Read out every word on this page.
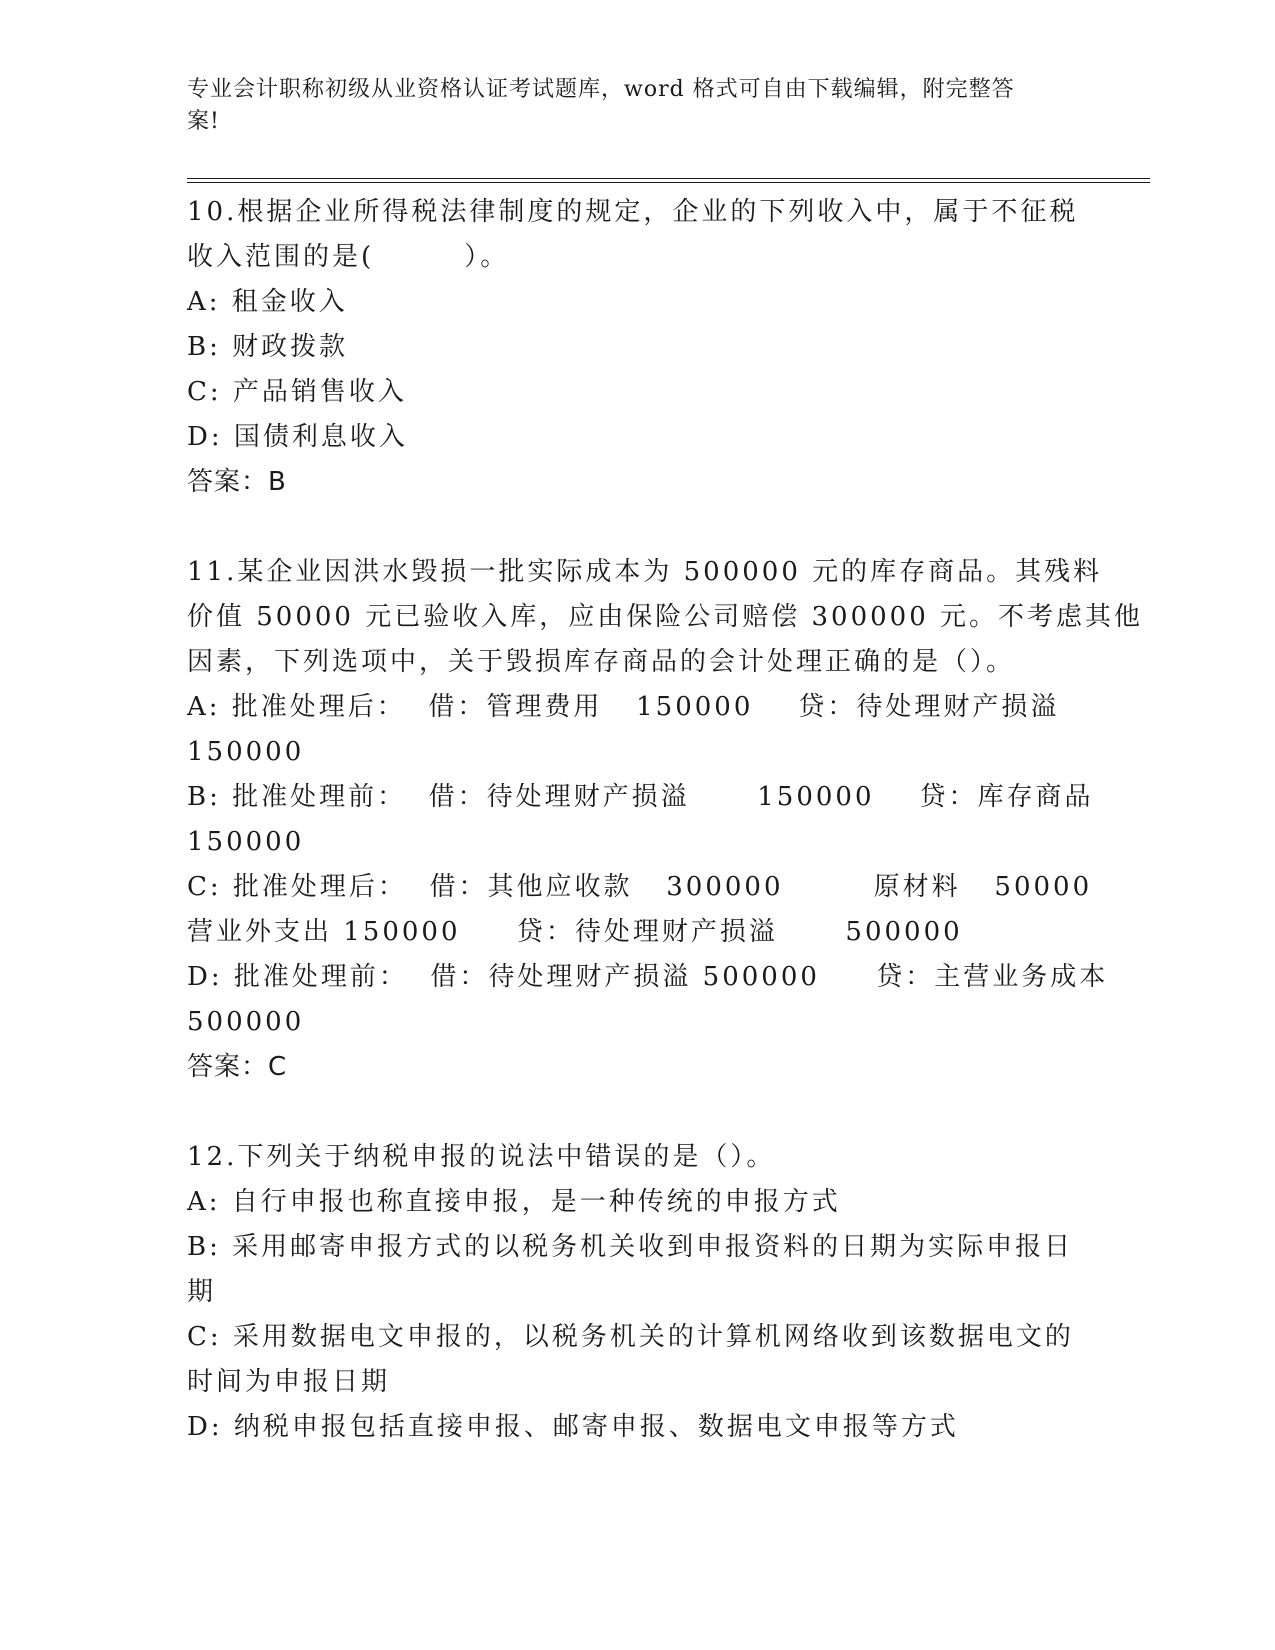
专业会计职称初级从业资格认证考试题库，word 格式可自由下载编辑，附完整答
案!
10.根据企业所得税法律制度的规定，企业的下列收入中，属于不征税
收入范围的是(        ）。
A: 租金收入
B: 财政拨款
C: 产品销售收入
D: 国债利息收入
答案：B
11.某企业因洪水毁损一批实际成本为 500000 元的库存商品。其残料
价值 50000 元已验收入库，应由保险公司赔偿 300000 元。不考虑其他
因素，下列选项中，关于毁损库存商品的会计处理正确的是（）。
A: 批准处理后：  借：管理费用   150000    贷：待处理财产损溢
150000
B: 批准处理前：  借：待处理财产损溢      150000    贷：库存商品
150000
C: 批准处理后：  借：其他应收款   300000        原材料   50000
营业外支出 150000     贷：待处理财产损溢      500000
D: 批准处理前：  借：待处理财产损溢 500000     贷：主营业务成本
500000
答案：C
12.下列关于纳税申报的说法中错误的是（）。
A: 自行申报也称直接申报，是一种传统的申报方式
B: 采用邮寄申报方式的以税务机关收到申报资料的日期为实际申报日
期
C: 采用数据电文申报的，以税务机关的计算机网络收到该数据电文的
时间为申报日期
D: 纳税申报包括直接申报、邮寄申报、数据电文申报等方式
